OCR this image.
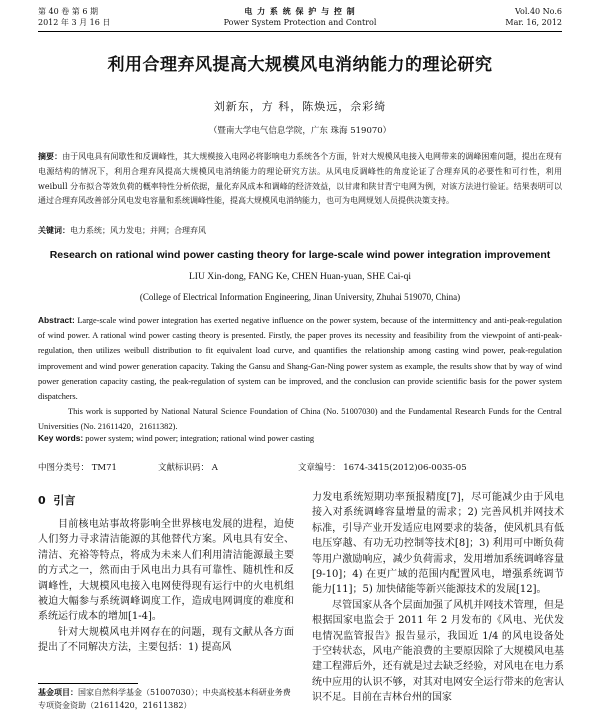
第 40 卷 第 6 期
2012 年 3 月 16 日
电 力 系 统 保 护 与 控 制
Power System Protection and Control
Vol.40 No.6
Mar. 16, 2012
利用合理弃风提高大规模风电消纳能力的理论研究
刘新东，方 科，陈焕远，佘彩绮
（暨南大学电气信息学院，广东 珠海 519070）
摘要：由于风电具有间歇性和反调峰性，其大规模接入电网必将影响电力系统各个方面，针对大规模风电接入电网带来的调峰困难问题，提出在现有电源结构的情况下，利用合理弃风提高大规模风电消纳能力的理论研究方法。从风电反调峰性的角度论证了合理弃风的必要性和可行性，利用 weibull 分布拟合等效负荷的概率特性分析依据，量化弃风成本和调峰的经济效益，以甘肃和陕甘青宁电网为例，对该方法进行验证。结果表明可以通过合理弃风改善部分风电发电容量和系统调峰性能，提高大规模风电消纳能力，也可为电网规划人员提供决策支持。
关键词：电力系统；风力发电；并网；合理弃风
Research on rational wind power casting theory for large-scale wind power integration improvement
LIU Xin-dong, FANG Ke, CHEN Huan-yuan, SHE Cai-qi
(College of Electrical Information Engineering, Jinan University, Zhuhai 519070, China)
Abstract: Large-scale wind power integration has exerted negative influence on the power system, because of the intermittency and anti-peak-regulation of wind power. A rational wind power casting theory is presented. Firstly, the paper proves its necessity and feasibility from the viewpoint of anti-peak-regulation, then utilizes weibull distribution to fit equivalent load curve, and quantifies the relationship among casting wind power, peak-regulation improvement and wind power generation capacity. Taking the Gansu and Shang-Gan-Ning power system as example, the results show that by way of wind power generation capacity casting, the peak-regulation of system can be improved, and the conclusion can provide scientific basis for the power system dispatchers.
This work is supported by National Natural Science Foundation of China (No. 51007030) and the Fundamental Research Funds for the Central Universities (No. 21611420，21611382).
Key words: power system; wind power; integration; rational wind power casting
中图分类号： TM71	文献标识码： A	文章编号： 1674-3415(2012)06-0035-05
0 引言

目前核电站事故将影响全世界核电发展的进程，迫使人们努力寻求清洁能源的其他替代方案。风电具有安全、清洁、充裕等特点，将成为未来人们利用清洁能源最主要的方式之一，然而由于风电出力具有可靠性、随机性和反调峰性，大规模风电接入电网使得现有运行中的火电机组被迫大幅参与系统调峰调度工作，造成电网调度的难度和系统运行成本的增加[1-4]。

针对大规模风电并网存在的问题，现有文献从各方面提出了不同解决方法，主要包括：1) 提高风

力发电系统短期功率预报精度[7]，尽可能减少由于风电接入对系统调峰容量增量的需求；2) 完善风机并网技术标准，引导产业开发适应电网要求的装备，使风机具有低电压穿越、有功无功控制等技术[8]；3) 利用可中断负荷等用户激励响应，减少负荷需求，发用增加系统调峰容量[9-10]；4) 在更广域的范围内配置风电，增强系统调节能力[11]；5) 加快储能等新兴能源技术的发展[12]。

尽管国家从各个层面加强了风机并网技术管理，但是根据国家电监会于 2011 年 2 月发布的《风电、光伏发电情况监管报告》报告显示，我国近 1/4 的风电设备处于空转状态，风电产能浪费的主要原因除了大规模风电基建工程滞后外，还有就是过去缺乏经验，对风电在电力系统中应用的认识不够，对其对电网安全运行带来的危害认识不足。目前在吉林台州的国家

基金项目：国家自然科学基金（51007030）；中央高校基本科研业务费专项资金资助（21611420，21611382）
